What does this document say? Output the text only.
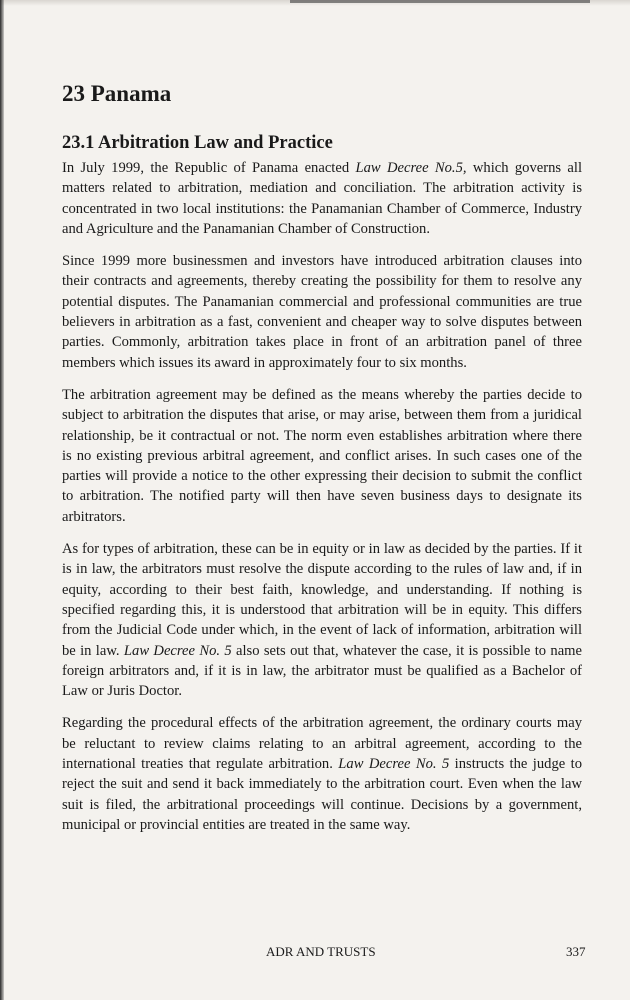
23 Panama
23.1 Arbitration Law and Practice

In July 1999, the Republic of Panama enacted Law Decree No.5, which governs all matters related to arbitration, mediation and conciliation. The arbitration activity is concentrated in two local institutions: the Panamanian Chamber of Commerce, Industry and Agriculture and the Panamanian Chamber of Construction.

Since 1999 more businessmen and investors have introduced arbitration clauses into their contracts and agreements, thereby creating the possibility for them to resolve any potential disputes. The Panamanian commercial and professional communities are true believers in arbitration as a fast, convenient and cheaper way to solve disputes between parties. Commonly, arbitration takes place in front of an arbitration panel of three members which issues its award in approximately four to six months.

The arbitration agreement may be defined as the means whereby the parties decide to subject to arbitration the disputes that arise, or may arise, between them from a juridical relationship, be it contractual or not. The norm even establishes arbitration where there is no existing previous arbitral agreement, and conflict arises. In such cases one of the parties will provide a notice to the other expressing their decision to submit the conflict to arbitration. The notified party will then have seven business days to designate its arbitrators.

As for types of arbitration, these can be in equity or in law as decided by the parties. If it is in law, the arbitrators must resolve the dispute according to the rules of law and, if in equity, according to their best faith, knowledge, and understanding. If nothing is specified regarding this, it is understood that arbitration will be in equity. This differs from the Judicial Code under which, in the event of lack of information, arbitration will be in law. Law Decree No. 5 also sets out that, whatever the case, it is possible to name foreign arbitrators and, if it is in law, the arbitrator must be qualified as a Bachelor of Law or Juris Doctor.

Regarding the procedural effects of the arbitration agreement, the ordinary courts may be reluctant to review claims relating to an arbitral agreement, according to the international treaties that regulate arbitration. Law Decree No. 5 instructs the judge to reject the suit and send it back immediately to the arbitration court. Even when the law suit is filed, the arbitrational proceedings will continue. Decisions by a government, municipal or provincial entities are treated in the same way.

ADR AND TRUSTS	337
